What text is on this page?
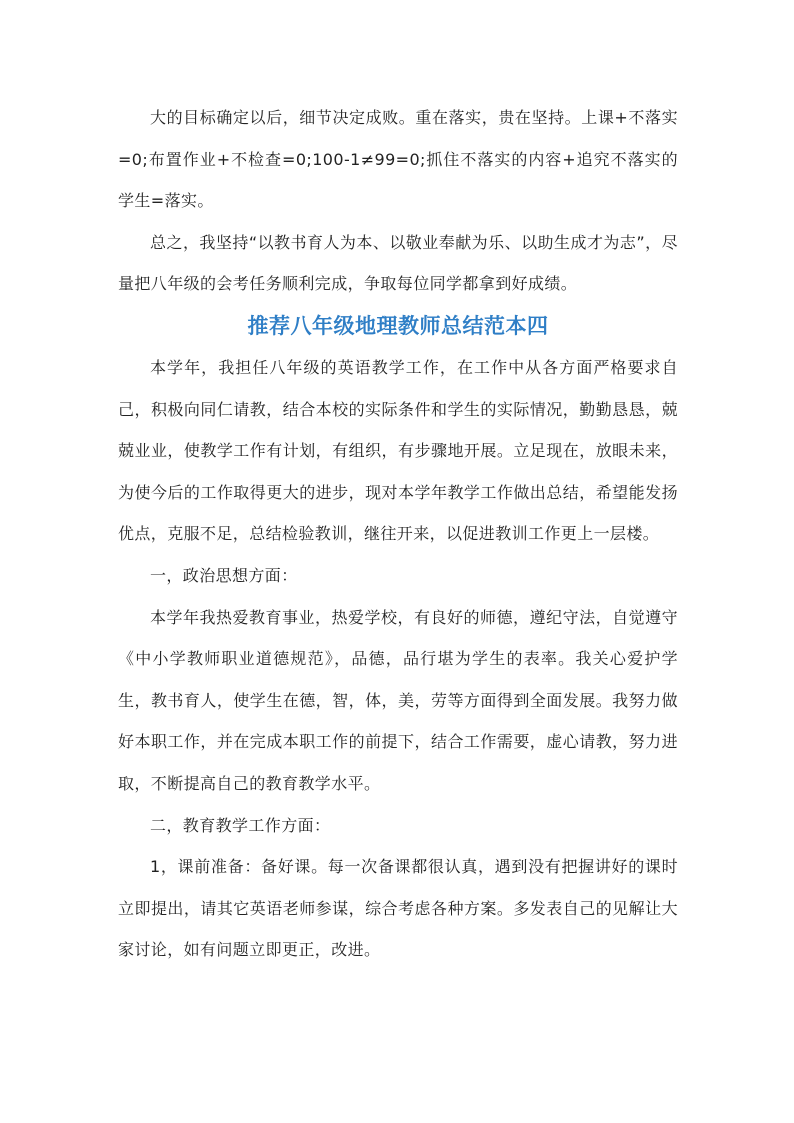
大的目标确定以后，细节决定成败。重在落实，贵在坚持。上课+不落实=0;布置作业+不检查=0;100-1≠99=0;抓住不落实的内容+追究不落实的学生=落实。

总之，我坚持“以教书育人为本、以敬业奉献为乐、以助生成才为志”，尽量把八年级的会考任务顺利完成，争取每位同学都拿到好成绩。

推荐八年级地理教师总结范本四

本学年，我担任八年级的英语教学工作，在工作中从各方面严格要求自己，积极向同仁请教，结合本校的实际条件和学生的实际情况，勤勤恳恳，兢兢业业，使教学工作有计划，有组织，有步骤地开展。立足现在，放眼未来，为使今后的工作取得更大的进步，现对本学年教学工作做出总结，希望能发扬优点，克服不足，总结检验教训，继往开来，以促进教训工作更上一层楼。

一，政治思想方面：

本学年我热爱教育事业，热爱学校，有良好的师德，遵纪守法，自觉遵守《中小学教师职业道德规范》，品德，品行堪为学生的表率。我关心爱护学生，教书育人，使学生在德，智，体，美，劳等方面得到全面发展。我努力做好本职工作，并在完成本职工作的前提下，结合工作需要，虚心请教，努力进取，不断提高自己的教育教学水平。

二，教育教学工作方面：

1，课前准备：备好课。每一次备课都很认真，遇到没有把握讲好的课时立即提出，请其它英语老师参谋，综合考虑各种方案。多发表自己的见解让大家讨论，如有问题立即更正，改进。
